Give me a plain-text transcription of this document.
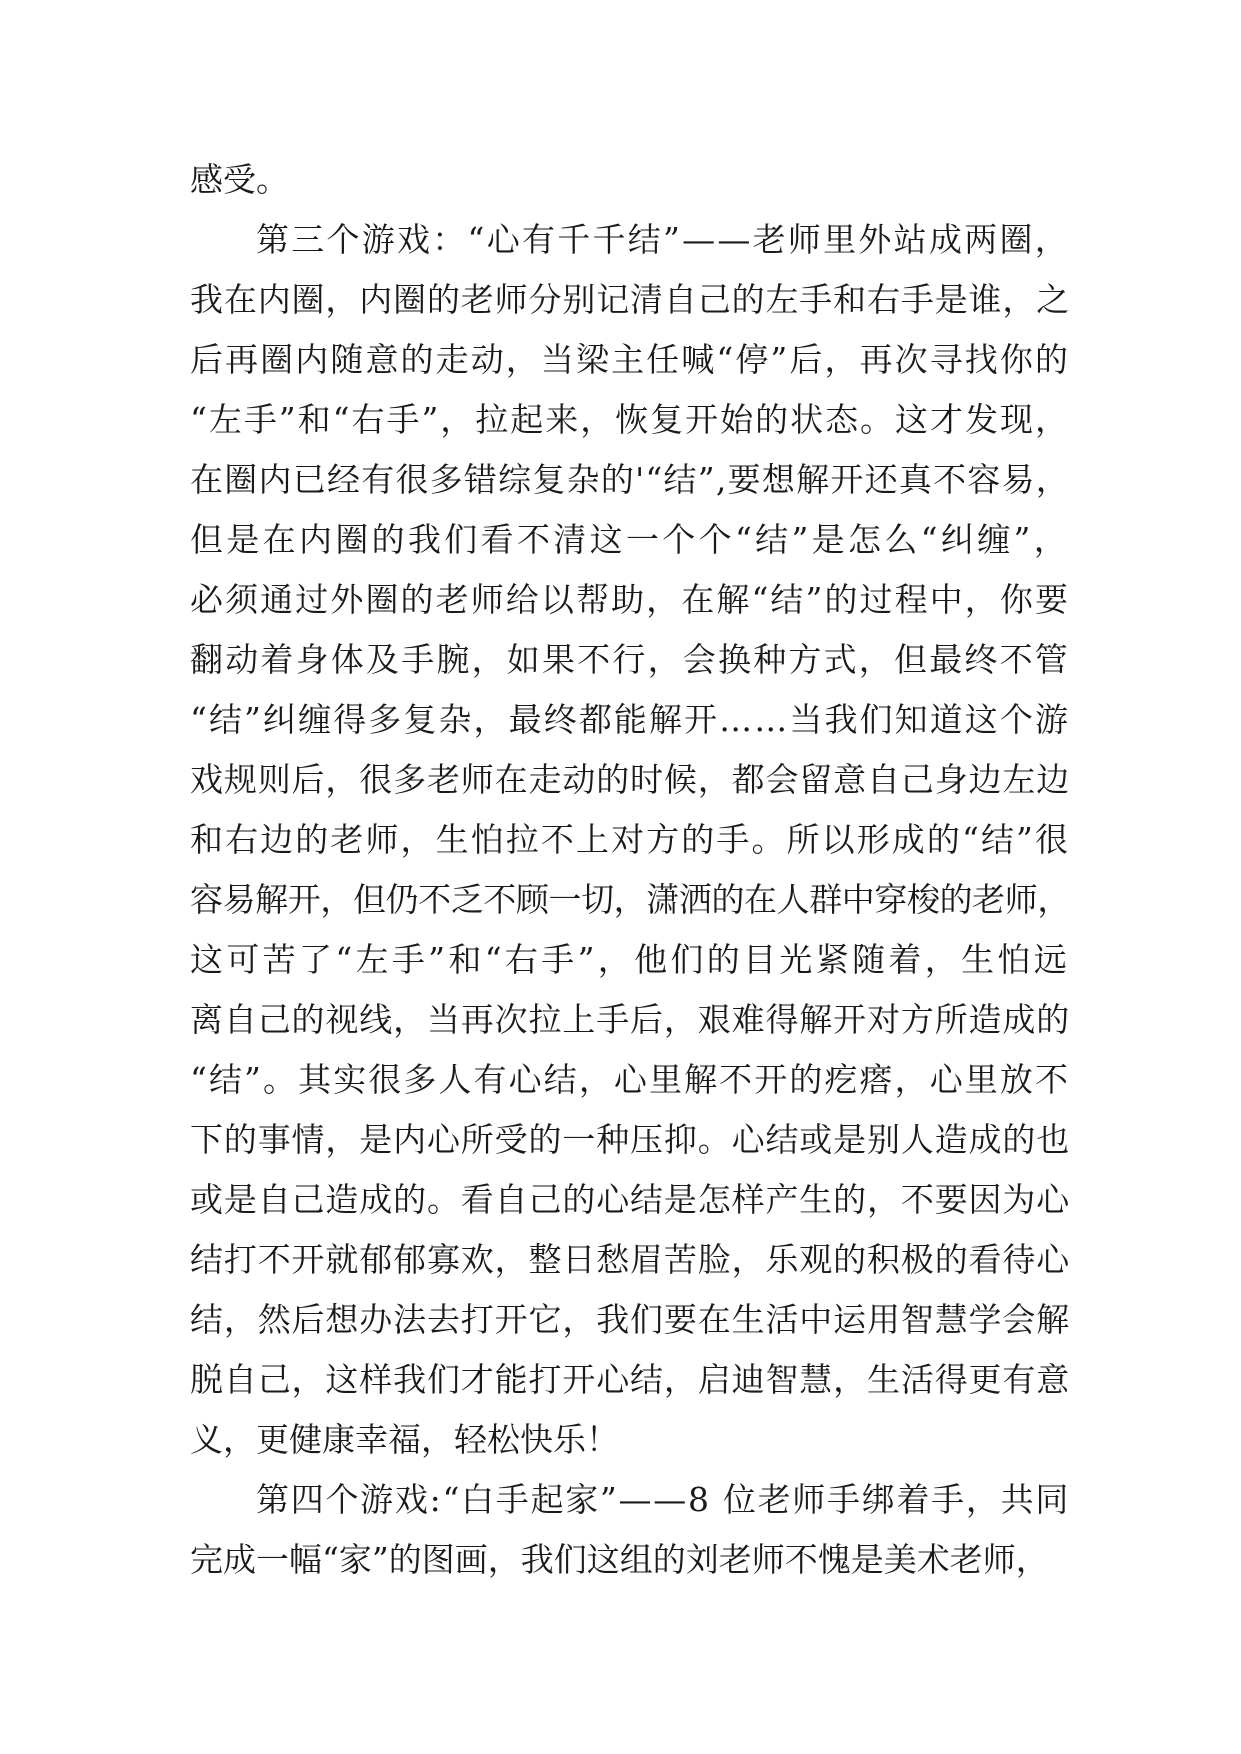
感受。
第三个游戏：“心有千千结”——老师里外站成两圈，
我在内圈，内圈的老师分别记清自己的左手和右手是谁，之
后再圈内随意的走动，当梁主任喊“停”后，再次寻找你的
“左手”和“右手”，拉起来，恢复开始的状态。这才发现，
在圈内已经有很多错综复杂的'“结”,要想解开还真不容易，
但是在内圈的我们看不清这一个个“结”是怎么“纠缠”，
必须通过外圈的老师给以帮助，在解“结”的过程中，你要
翻动着身体及手腕，如果不行，会换种方式，但最终不管
“结”纠缠得多复杂，最终都能解开……当我们知道这个游
戏规则后，很多老师在走动的时候，都会留意自己身边左边
和右边的老师，生怕拉不上对方的手。所以形成的“结”很
容易解开，但仍不乏不顾一切，潇洒的在人群中穿梭的老师，
这可苦了“左手”和“右手”，他们的目光紧随着，生怕远
离自己的视线，当再次拉上手后，艰难得解开对方所造成的
“结”。其实很多人有心结，心里解不开的疙瘩，心里放不
下的事情，是内心所受的一种压抑。心结或是别人造成的也
或是自己造成的。看自己的心结是怎样产生的，不要因为心
结打不开就郁郁寡欢，整日愁眉苦脸，乐观的积极的看待心
结，然后想办法去打开它，我们要在生活中运用智慧学会解
脱自己，这样我们才能打开心结，启迪智慧，生活得更有意
义，更健康幸福，轻松快乐！
第四个游戏:“白手起家”——8 位老师手绑着手，共同
完成一幅“家”的图画，我们这组的刘老师不愧是美术老师，
